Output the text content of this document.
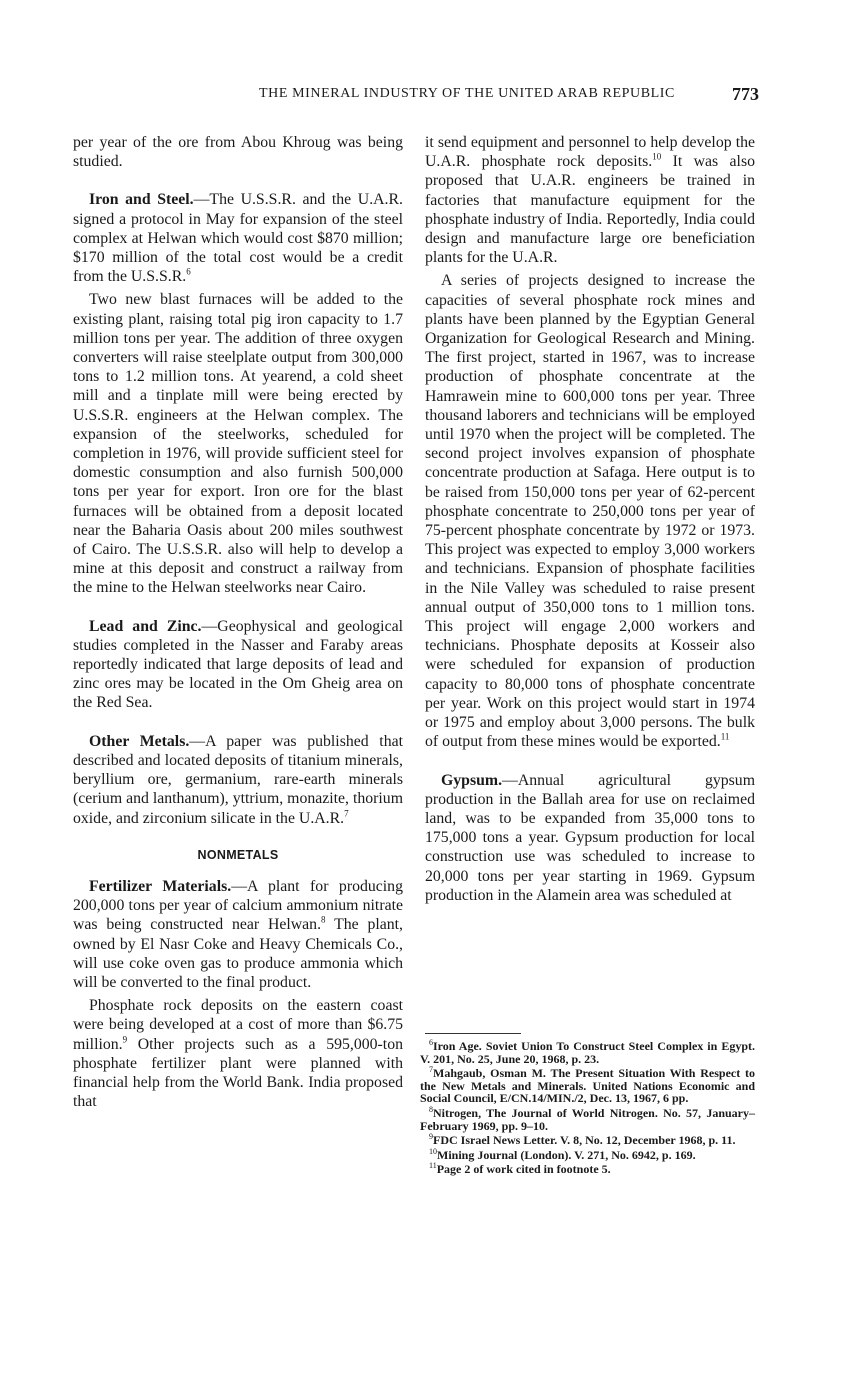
THE MINERAL INDUSTRY OF THE UNITED ARAB REPUBLIC	773

per year of the ore from Abou Khroug was being studied.

Iron and Steel.—The U.S.S.R. and the U.A.R. signed a protocol in May for expansion of the steel complex at Helwan which would cost $870 million; $170 million of the total cost would be a credit from the U.S.S.R.$^6$

Two new blast furnaces will be added to the existing plant, raising total pig iron capacity to 1.7 million tons per year. The addition of three oxygen converters will raise steelplate output from 300,000 tons to 1.2 million tons. At yearend, a cold sheet mill and a tinplate mill were being erected by U.S.S.R. engineers at the Helwan complex. The expansion of the steelworks, scheduled for completion in 1976, will provide sufficient steel for domestic consumption and also furnish 500,000 tons per year for export. Iron ore for the blast furnaces will be obtained from a deposit located near the Baharia Oasis about 200 miles southwest of Cairo. The U.S.S.R. also will help to develop a mine at this deposit and construct a railway from the mine to the Helwan steelworks near Cairo.

Lead and Zinc.—Geophysical and geological studies completed in the Nasser and Faraby areas reportedly indicated that large deposits of lead and zinc ores may be located in the Om Gheig area on the Red Sea.

Other Metals.—A paper was published that described and located deposits of titanium minerals, beryllium ore, germanium, rare-earth minerals (cerium and lanthanum), yttrium, monazite, thorium oxide, and zirconium silicate in the U.A.R.$^7$

NONMETALS

Fertilizer Materials.—A plant for producing 200,000 tons per year of calcium ammonium nitrate was being constructed near Helwan.$^8$ The plant, owned by El Nasr Coke and Heavy Chemicals Co., will use coke oven gas to produce ammonia which will be converted to the final product.

Phosphate rock deposits on the eastern coast were being developed at a cost of more than $6.75 million.$^9$ Other projects such as a 595,000-ton phosphate fertilizer plant were planned with financial help from the World Bank. India proposed that

it send equipment and personnel to help develop the U.A.R. phosphate rock deposits.$^{10}$ It was also proposed that U.A.R. engineers be trained in factories that manufacture equipment for the phosphate industry of India. Reportedly, India could design and manufacture large ore beneficiation plants for the U.A.R.

A series of projects designed to increase the capacities of several phosphate rock mines and plants have been planned by the Egyptian General Organization for Geological Research and Mining. The first project, started in 1967, was to increase production of phosphate concentrate at the Hamrawein mine to 600,000 tons per year. Three thousand laborers and technicians will be employed until 1970 when the project will be completed. The second project involves expansion of phosphate concentrate production at Safaga. Here output is to be raised from 150,000 tons per year of 62-percent phosphate concentrate to 250,000 tons per year of 75-percent phosphate concentrate by 1972 or 1973. This project was expected to employ 3,000 workers and technicians. Expansion of phosphate facilities in the Nile Valley was scheduled to raise present annual output of 350,000 tons to 1 million tons. This project will engage 2,000 workers and technicians. Phosphate deposits at Kosseir also were scheduled for expansion of production capacity to 80,000 tons of phosphate concentrate per year. Work on this project would start in 1974 or 1975 and employ about 3,000 persons. The bulk of output from these mines would be exported.$^{11}$

Gypsum.—Annual agricultural gypsum production in the Ballah area for use on reclaimed land, was to be expanded from 35,000 tons to 175,000 tons a year. Gypsum production for local construction use was scheduled to increase to 20,000 tons per year starting in 1969. Gypsum production in the Alamein area was scheduled at

$^6$Iron Age. Soviet Union To Construct Steel Complex in Egypt. V. 201, No. 25, June 20, 1968, p. 23.

$^7$Mahgaub, Osman M. The Present Situation With Respect to the New Metals and Minerals. United Nations Economic and Social Council, E/CN.14/MIN./2, Dec. 13, 1967, 6 pp.

$^8$Nitrogen, The Journal of World Nitrogen. No. 57, January–February 1969, pp. 9–10.

$^9$FDC Israel News Letter. V. 8, No. 12, December 1968, p. 11.

$^{10}$Mining Journal (London). V. 271, No. 6942, p. 169.

$^{11}$Page 2 of work cited in footnote 5.
